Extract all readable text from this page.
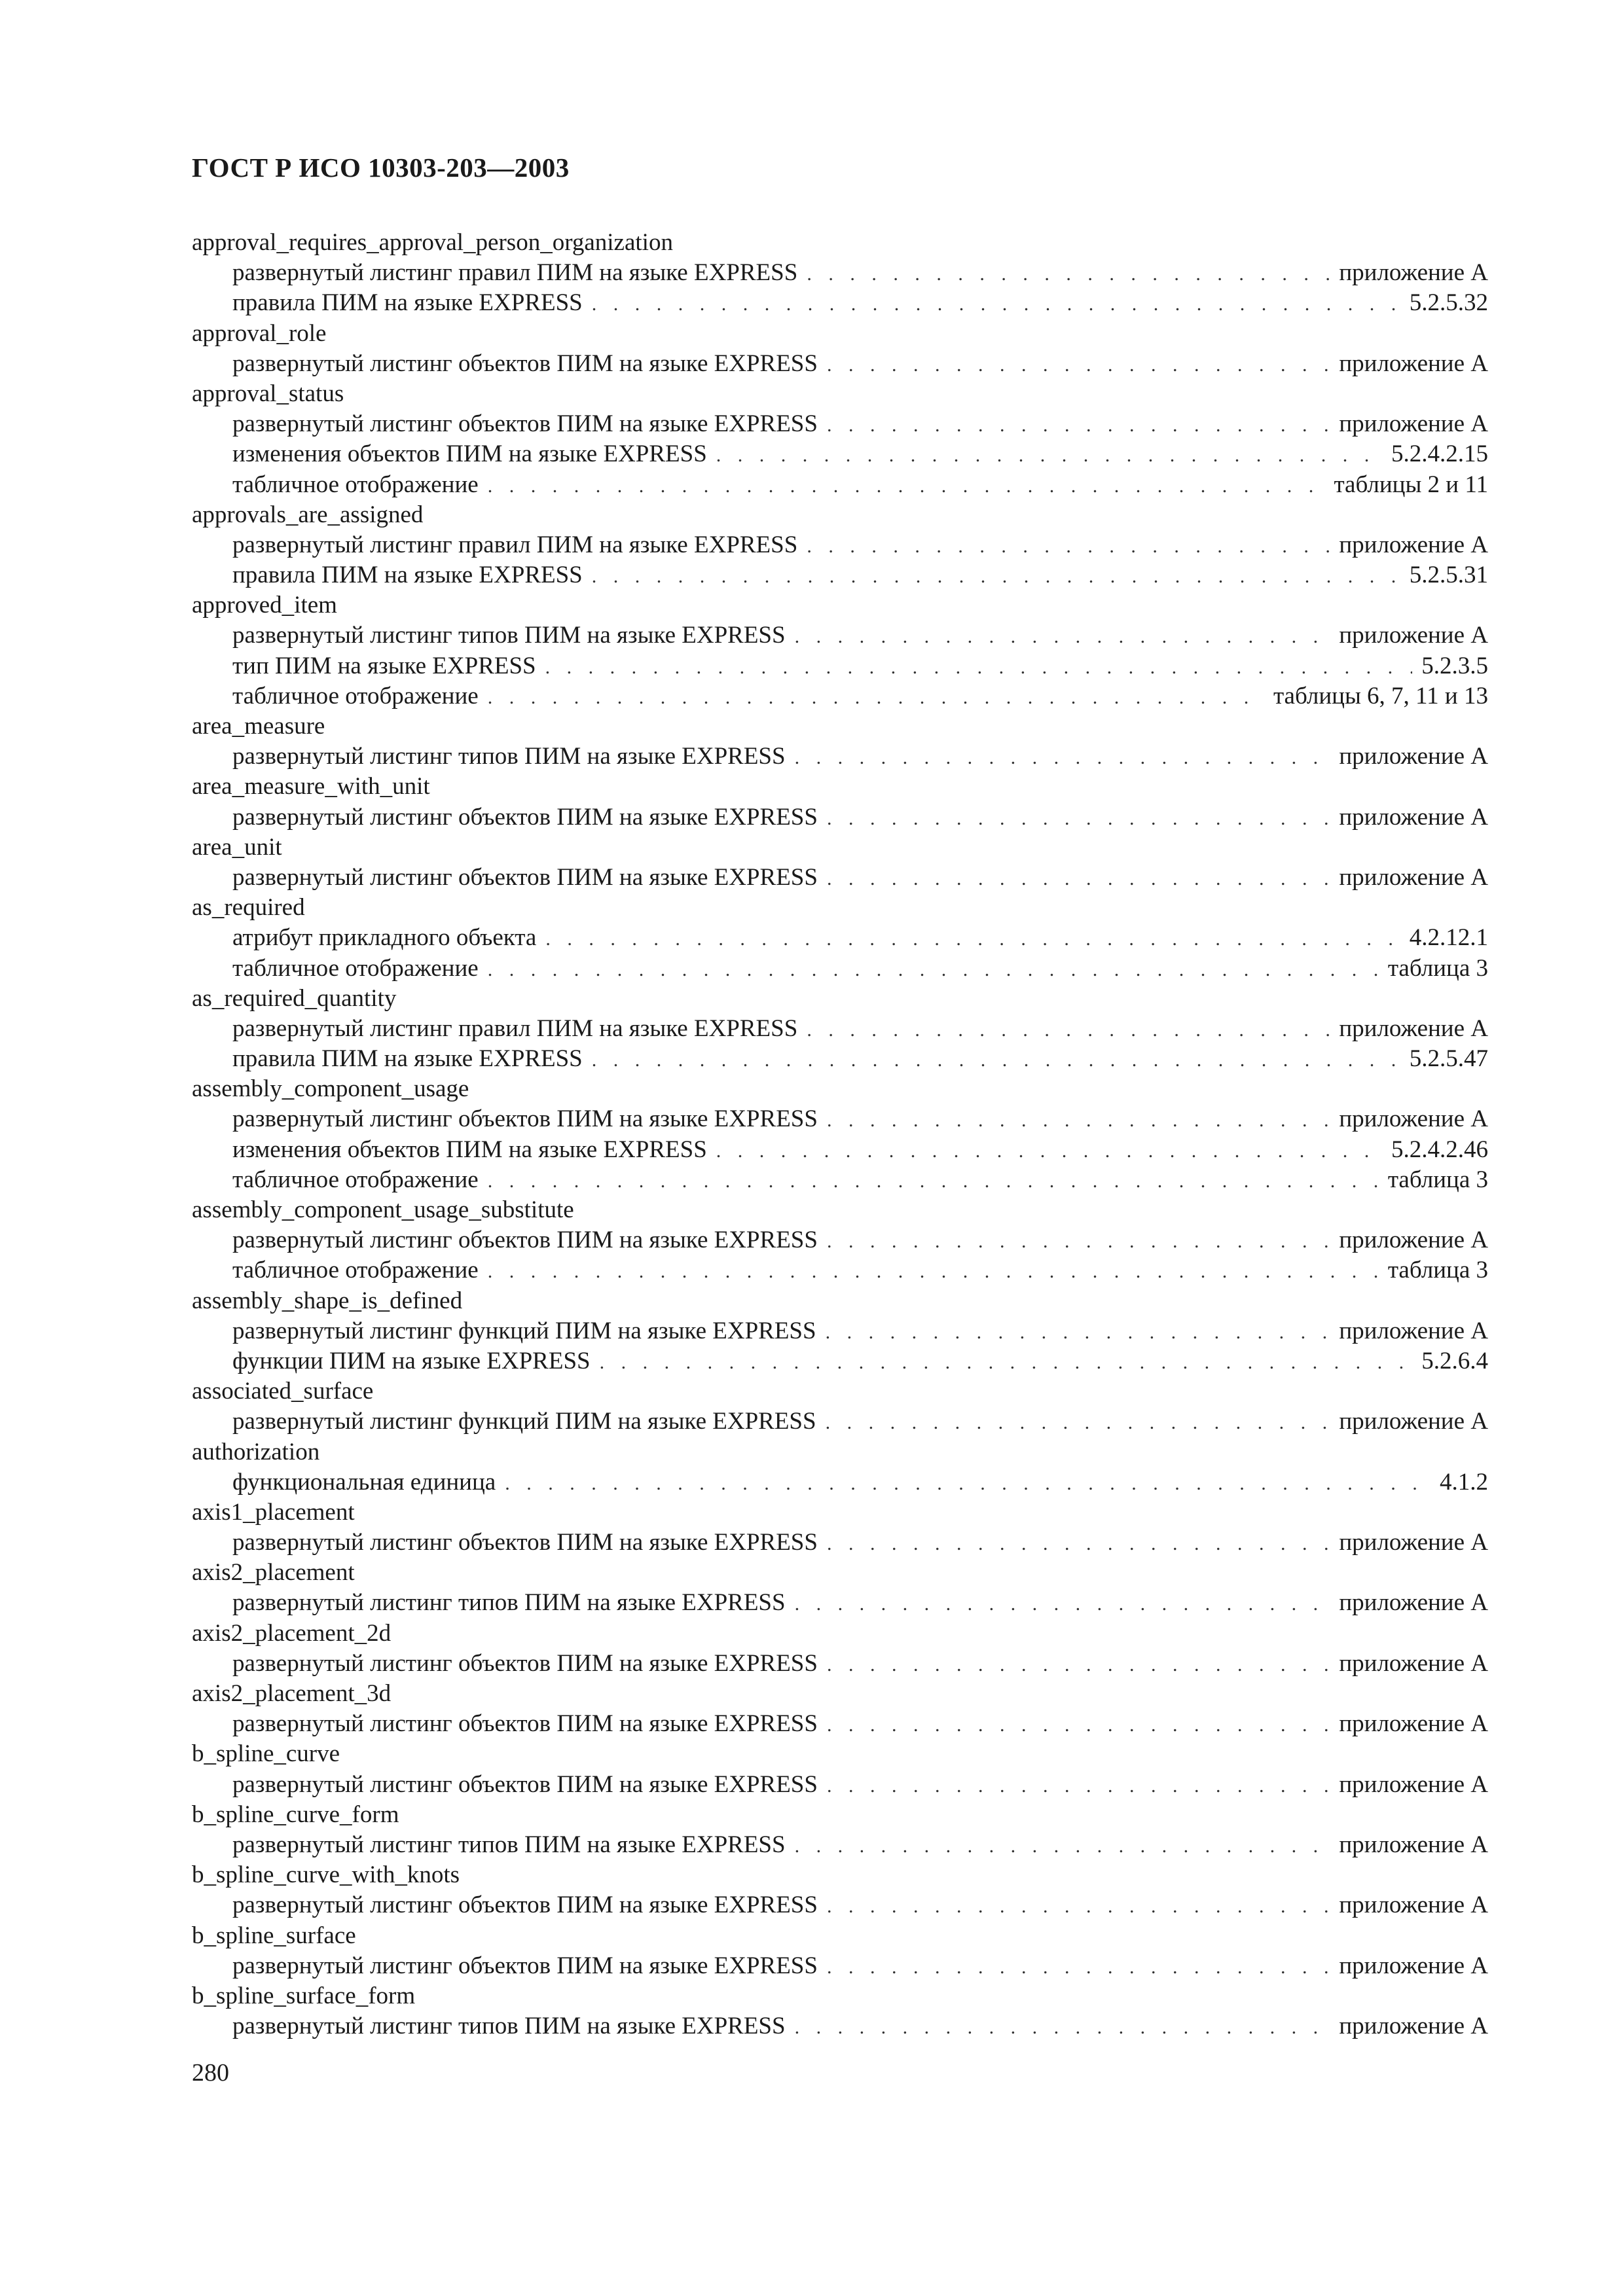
ГОСТ Р ИСО 10303-203—2003
approval_requires_approval_person_organization
развернутый листинг правил ПИМ на языке EXPRESS . . .	приложение А
правила ПИМ на языке EXPRESS . . .	5.2.5.32
approval_role
развернутый листинг объектов ПИМ на языке EXPRESS . . .	приложение А
approval_status
развернутый листинг объектов ПИМ на языке EXPRESS . . .	приложение А
изменения объектов ПИМ на языке EXPRESS . . .	5.2.4.2.15
табличное отображение . . .	таблицы 2 и 11
approvals_are_assigned
развернутый листинг правил ПИМ на языке EXPRESS . . .	приложение А
правила ПИМ на языке EXPRESS . . .	5.2.5.31
approved_item
развернутый листинг типов ПИМ на языке EXPRESS . . .	приложение А
тип ПИМ на языке EXPRESS . . .	5.2.3.5
табличное отображение . . .	таблицы 6, 7, 11 и 13
area_measure
развернутый листинг типов ПИМ на языке EXPRESS . . .	приложение А
area_measure_with_unit
развернутый листинг объектов ПИМ на языке EXPRESS . . .	приложение А
area_unit
развернутый листинг объектов ПИМ на языке EXPRESS . . .	приложение А
as_required
атрибут прикладного объекта . . .	4.2.12.1
табличное отображение . . .	таблица 3
as_required_quantity
развернутый листинг правил ПИМ на языке EXPRESS . . .	приложение А
правила ПИМ на языке EXPRESS . . .	5.2.5.47
assembly_component_usage
развернутый листинг объектов ПИМ на языке EXPRESS . . .	приложение А
изменения объектов ПИМ на языке EXPRESS . . .	5.2.4.2.46
табличное отображение . . .	таблица 3
assembly_component_usage_substitute
развернутый листинг объектов ПИМ на языке EXPRESS . . .	приложение А
табличное отображение . . .	таблица 3
assembly_shape_is_defined
развернутый листинг функций ПИМ на языке EXPRESS . . .	приложение А
функции ПИМ на языке EXPRESS . . .	5.2.6.4
associated_surface
развернутый листинг функций ПИМ на языке EXPRESS . . .	приложение А
authorization
функциональная единица . . .	4.1.2
axis1_placement
развернутый листинг объектов ПИМ на языке EXPRESS . . .	приложение А
axis2_placement
развернутый листинг типов ПИМ на языке EXPRESS . . .	приложение А
axis2_placement_2d
развернутый листинг объектов ПИМ на языке EXPRESS . . .	приложение А
axis2_placement_3d
развернутый листинг объектов ПИМ на языке EXPRESS . . .	приложение А
b_spline_curve
развернутый листинг объектов ПИМ на языке EXPRESS . . .	приложение А
b_spline_curve_form
развернутый листинг типов ПИМ на языке EXPRESS . . .	приложение А
b_spline_curve_with_knots
развернутый листинг объектов ПИМ на языке EXPRESS . . .	приложение А
b_spline_surface
развернутый листинг объектов ПИМ на языке EXPRESS . . .	приложение А
b_spline_surface_form
развернутый листинг типов ПИМ на языке EXPRESS . . .	приложение А
280
